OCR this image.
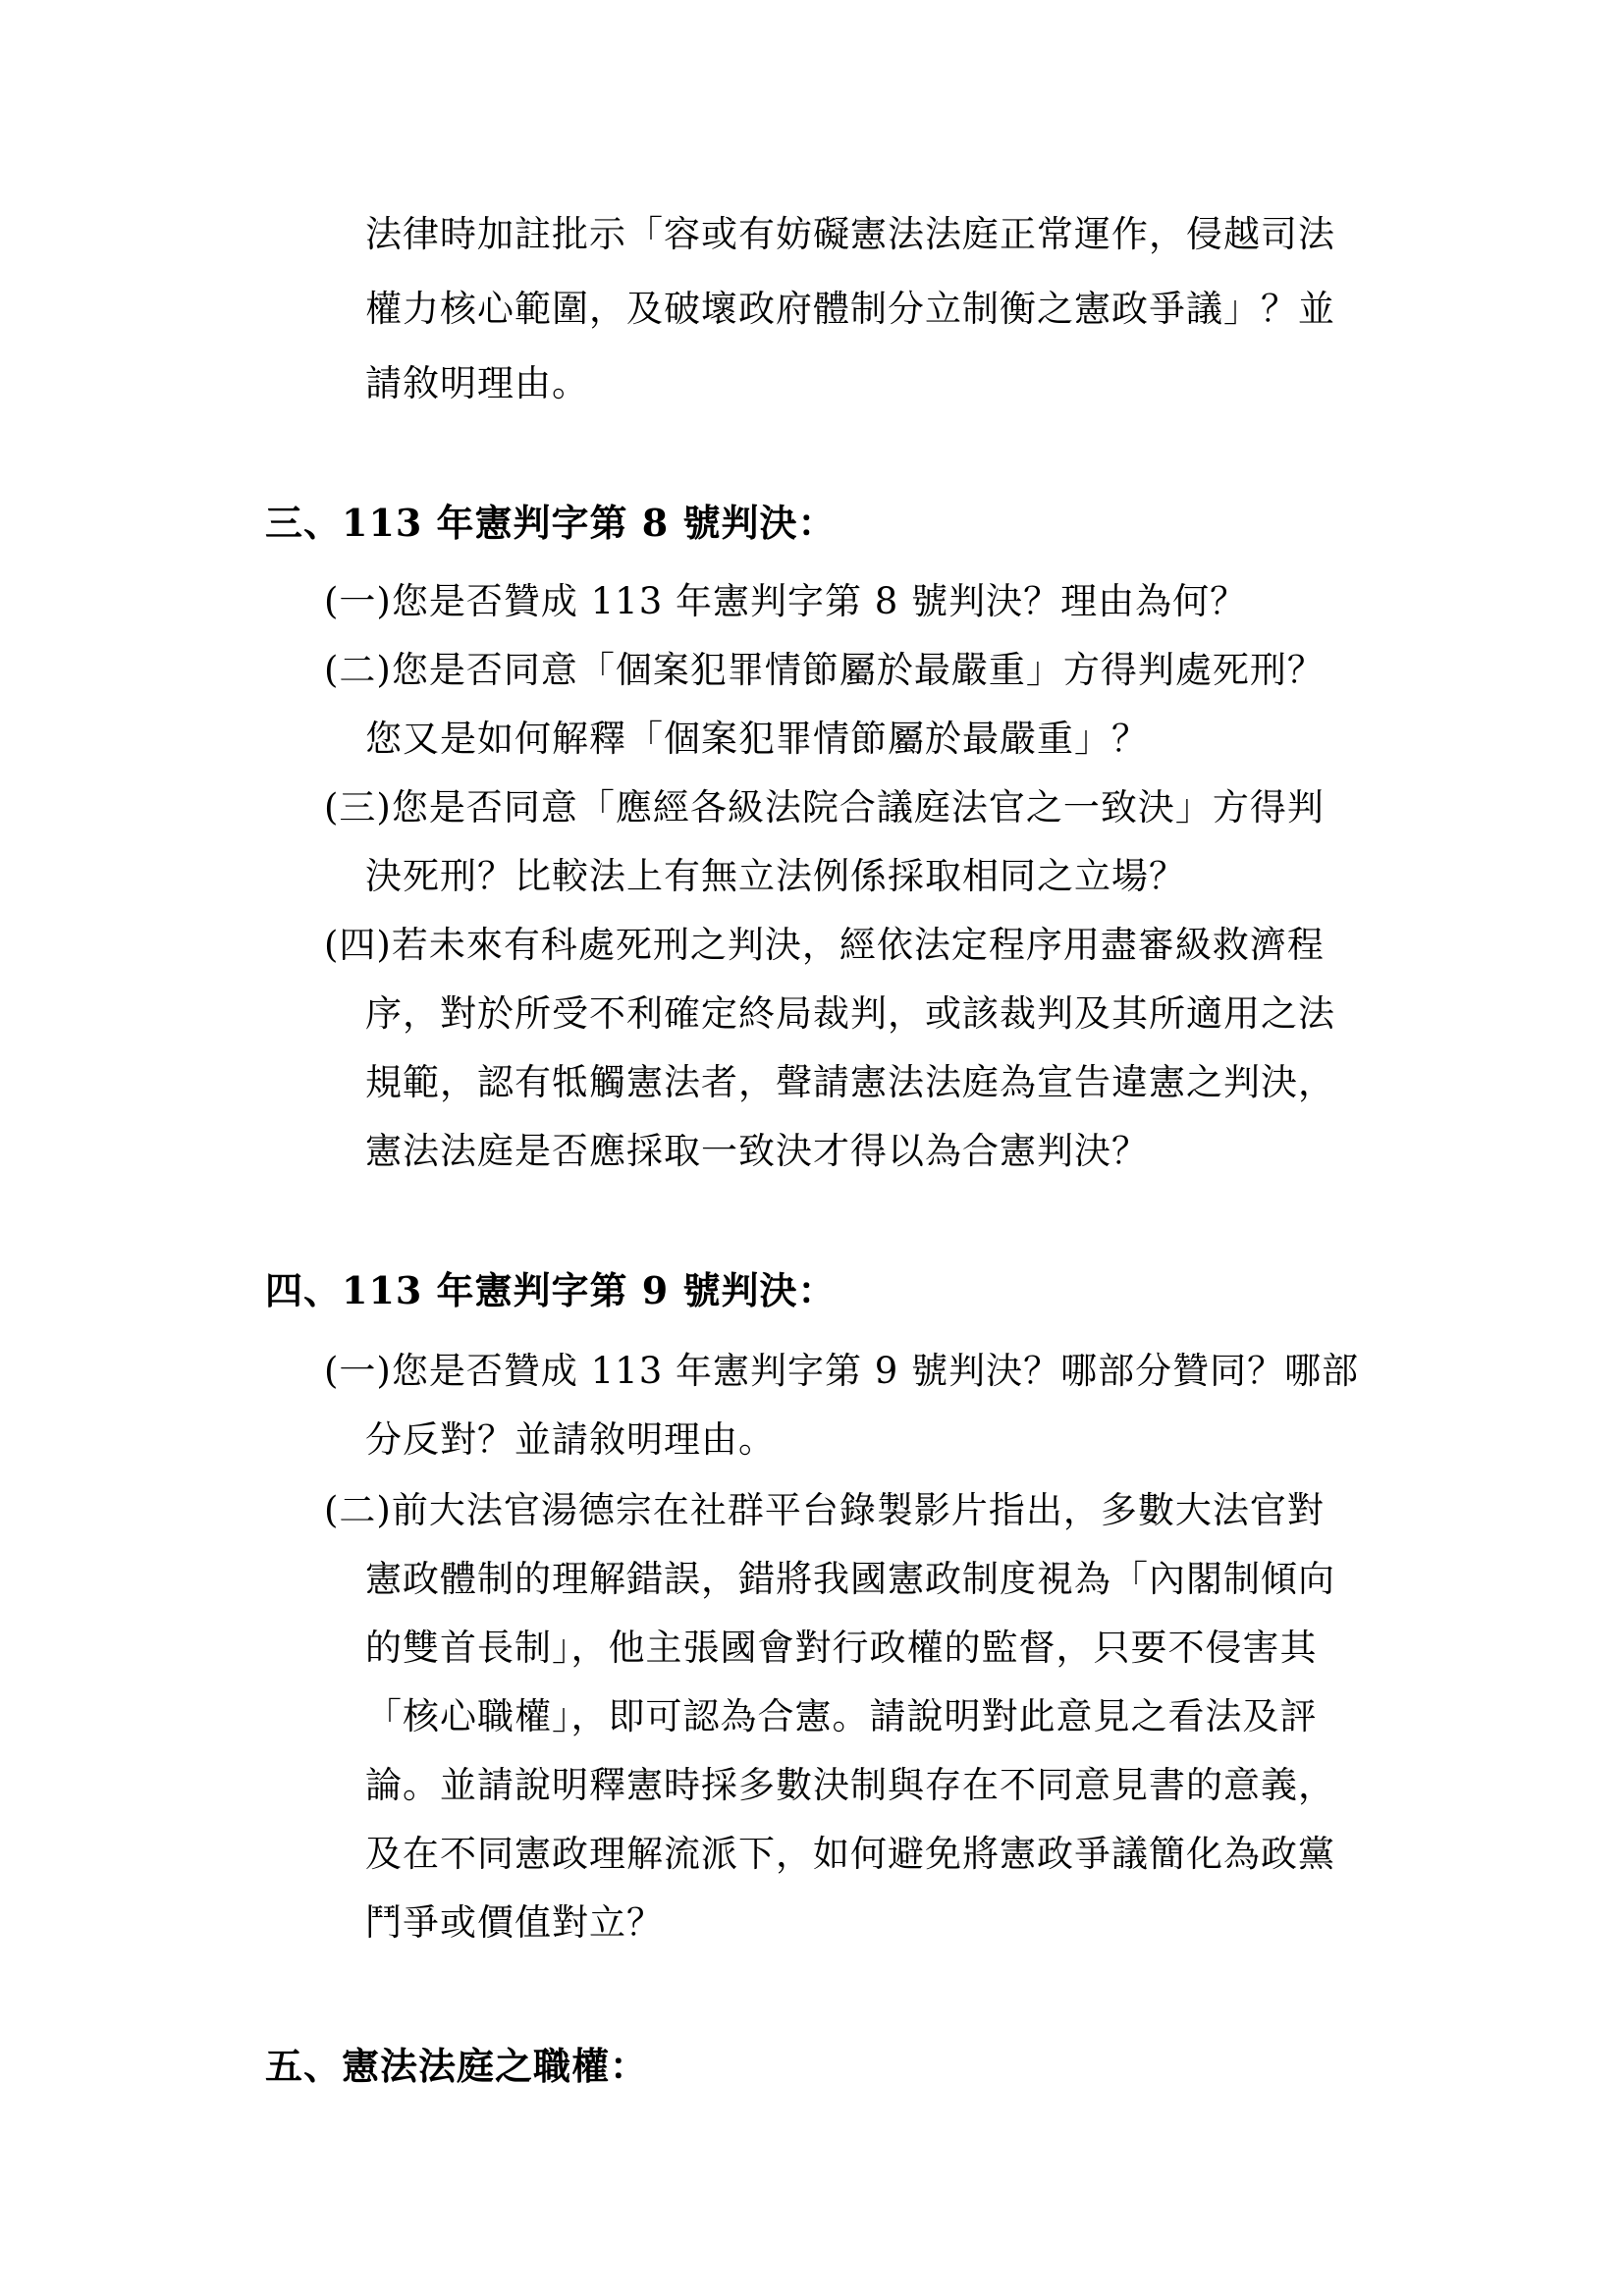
法律時加註批示「容或有妨礙憲法法庭正常運作，侵越司法
權力核心範圍，及破壞政府體制分立制衡之憲政爭議」？並
請敘明理由。
三、113 年憲判字第 8 號判決：
(一)您是否贊成 113 年憲判字第 8 號判決？理由為何？
(二)您是否同意「個案犯罪情節屬於最嚴重」方得判處死刑？
您又是如何解釋「個案犯罪情節屬於最嚴重」？
(三)您是否同意「應經各級法院合議庭法官之一致決」方得判
決死刑？比較法上有無立法例係採取相同之立場？
(四)若未來有科處死刑之判決，經依法定程序用盡審級救濟程
序，對於所受不利確定終局裁判，或該裁判及其所適用之法
規範，認有牴觸憲法者，聲請憲法法庭為宣告違憲之判決，
憲法法庭是否應採取一致決才得以為合憲判決？
四、113 年憲判字第 9 號判決：
(一)您是否贊成 113 年憲判字第 9 號判決？哪部分贊同？哪部
分反對？並請敘明理由。
(二)前大法官湯德宗在社群平台錄製影片指出，多數大法官對
憲政體制的理解錯誤，錯將我國憲政制度視為「內閣制傾向
的雙首長制」，他主張國會對行政權的監督，只要不侵害其
「核心職權」，即可認為合憲。請說明對此意見之看法及評
論。並請說明釋憲時採多數決制與存在不同意見書的意義，
及在不同憲政理解流派下，如何避免將憲政爭議簡化為政黨
鬥爭或價值對立？
五、憲法法庭之職權：
